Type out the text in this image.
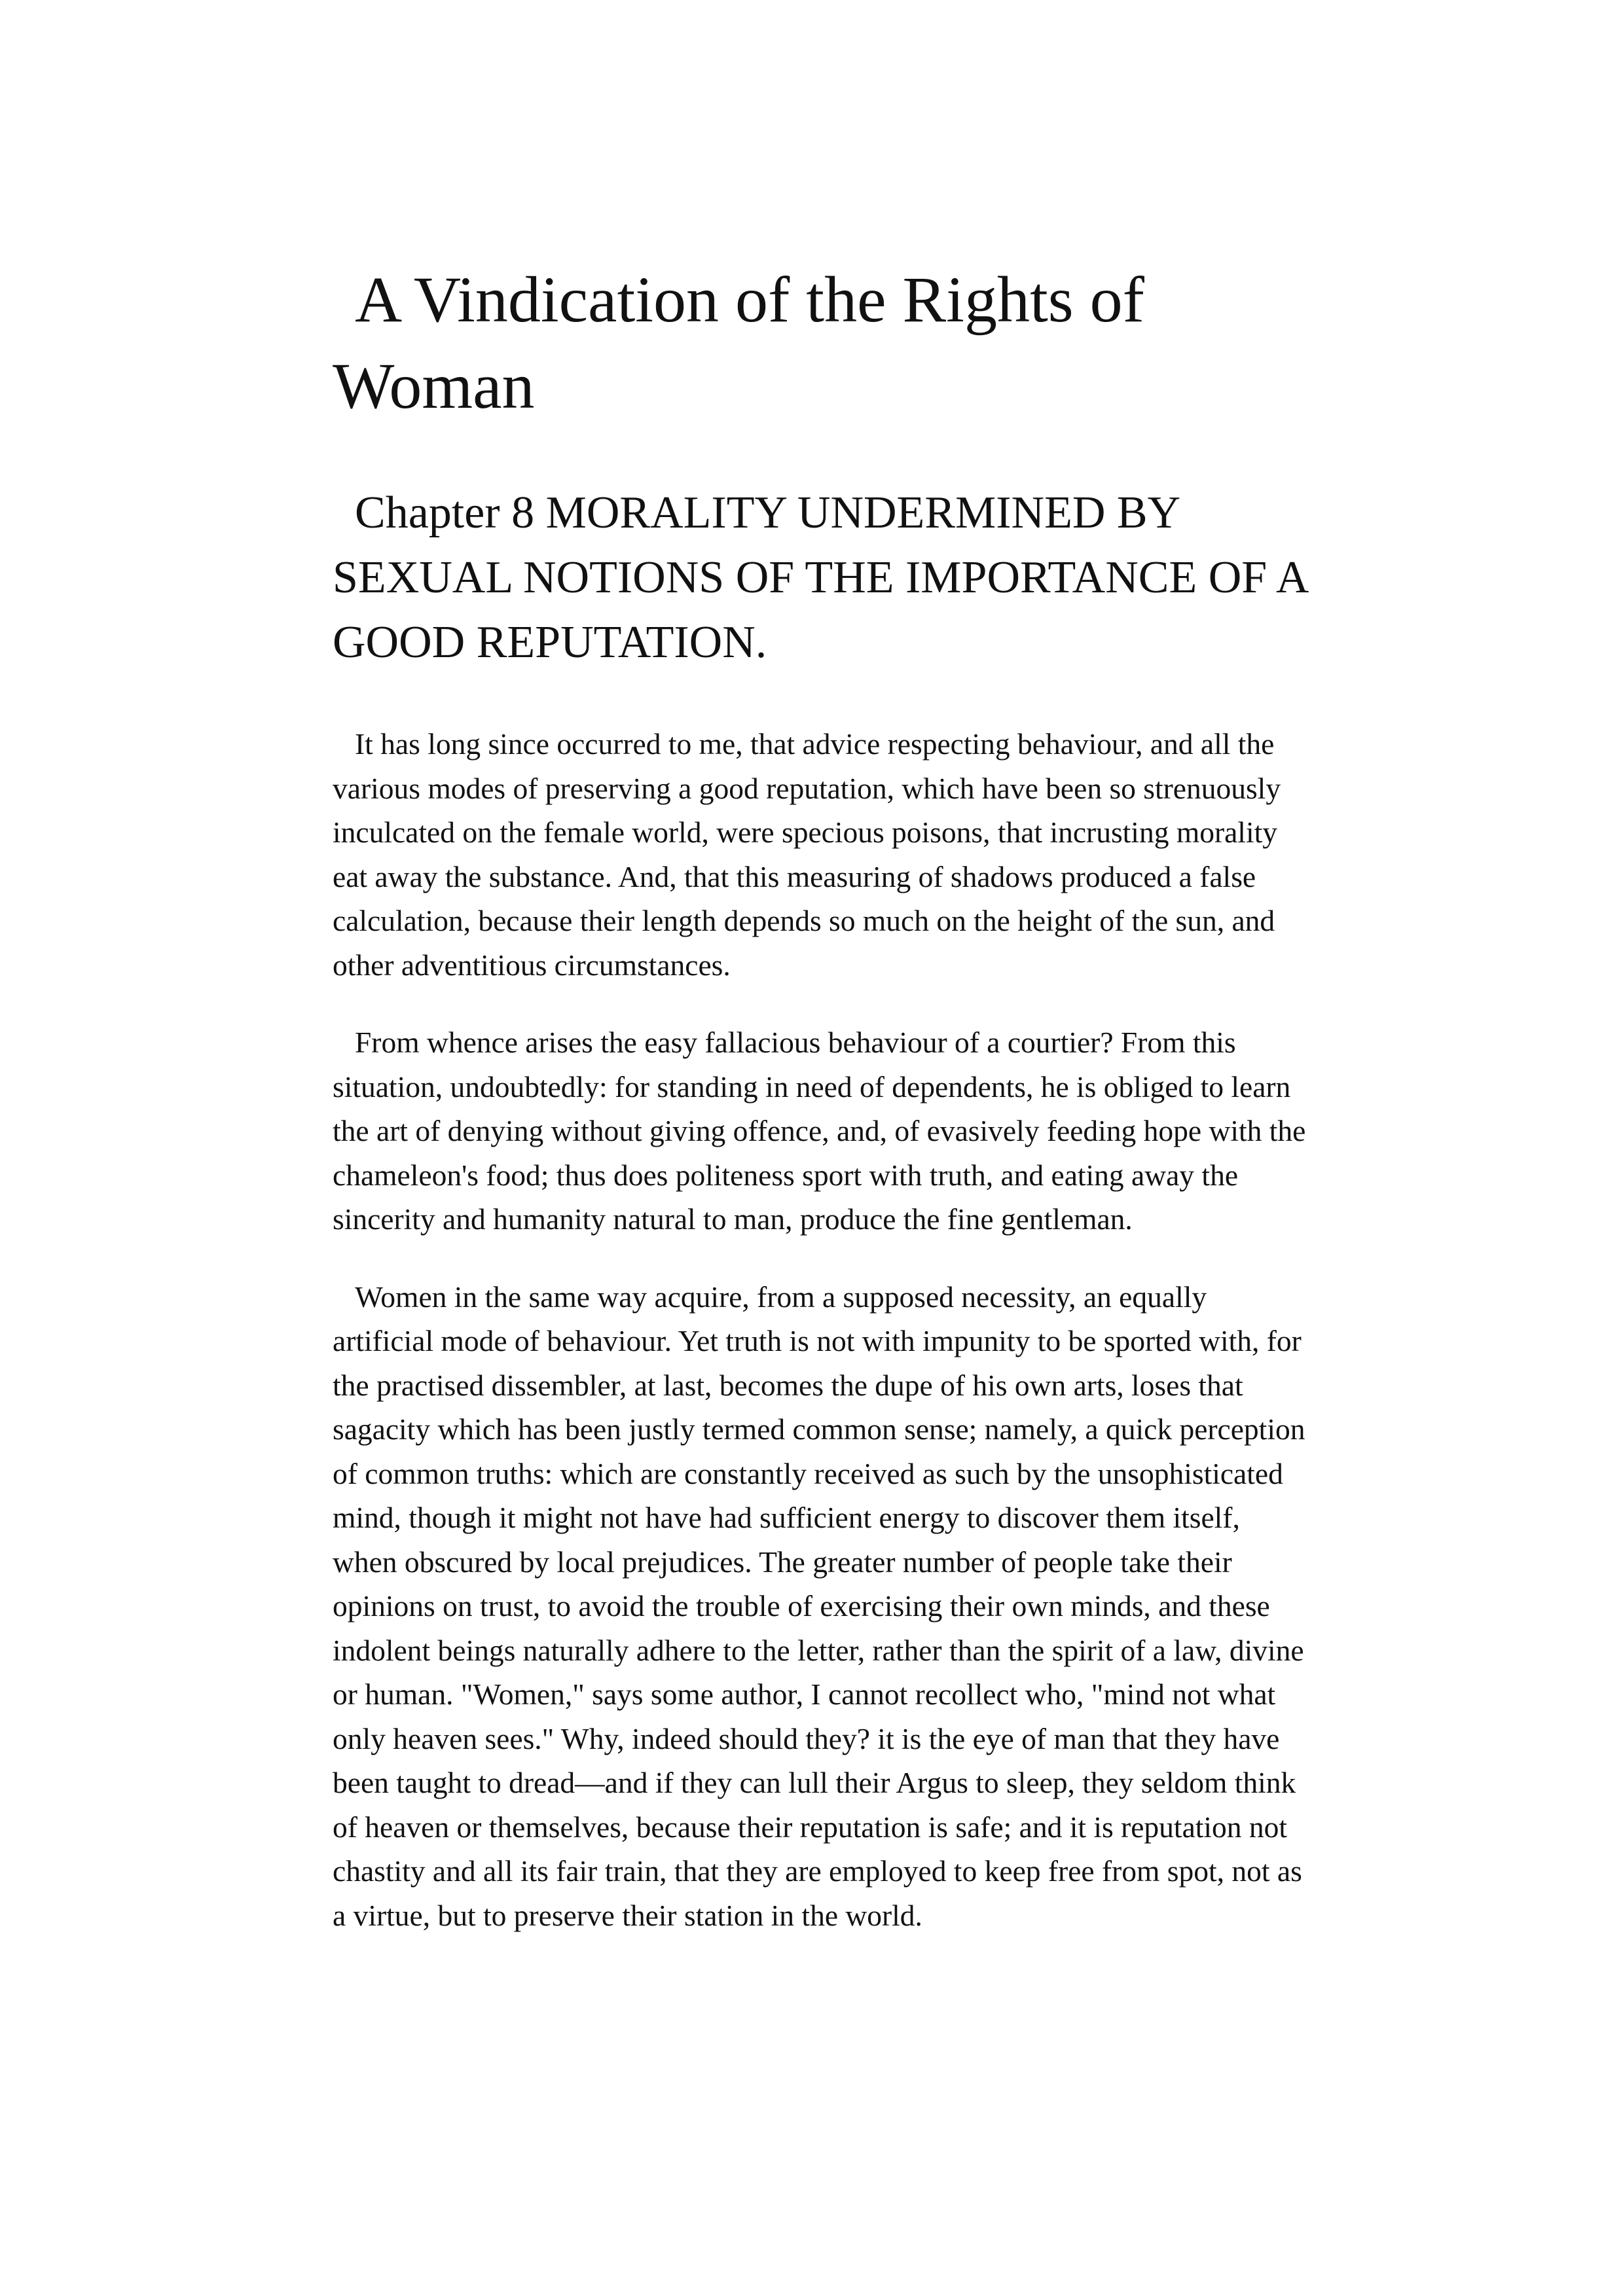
A Vindication of the Rights of Woman
Chapter 8 MORALITY UNDERMINED BY SEXUAL NOTIONS OF THE IMPORTANCE OF A GOOD REPUTATION.

It has long since occurred to me, that advice respecting behaviour, and all the various modes of preserving a good reputation, which have been so strenuously inculcated on the female world, were specious poisons, that incrusting morality eat away the substance. And, that this measuring of shadows produced a false calculation, because their length depends so much on the height of the sun, and other adventitious circumstances.

From whence arises the easy fallacious behaviour of a courtier? From this situation, undoubtedly: for standing in need of dependents, he is obliged to learn the art of denying without giving offence, and, of evasively feeding hope with the chameleon's food; thus does politeness sport with truth, and eating away the sincerity and humanity natural to man, produce the fine gentleman.

Women in the same way acquire, from a supposed necessity, an equally artificial mode of behaviour. Yet truth is not with impunity to be sported with, for the practised dissembler, at last, becomes the dupe of his own arts, loses that sagacity which has been justly termed common sense; namely, a quick perception of common truths: which are constantly received as such by the unsophisticated mind, though it might not have had sufficient energy to discover them itself, when obscured by local prejudices. The greater number of people take their opinions on trust, to avoid the trouble of exercising their own minds, and these indolent beings naturally adhere to the letter, rather than the spirit of a law, divine or human. "Women," says some author, I cannot recollect who, "mind not what only heaven sees." Why, indeed should they? it is the eye of man that they have been taught to dread—and if they can lull their Argus to sleep, they seldom think of heaven or themselves, because their reputation is safe; and it is reputation not chastity and all its fair train, that they are employed to keep free from spot, not as a virtue, but to preserve their station in the world.
